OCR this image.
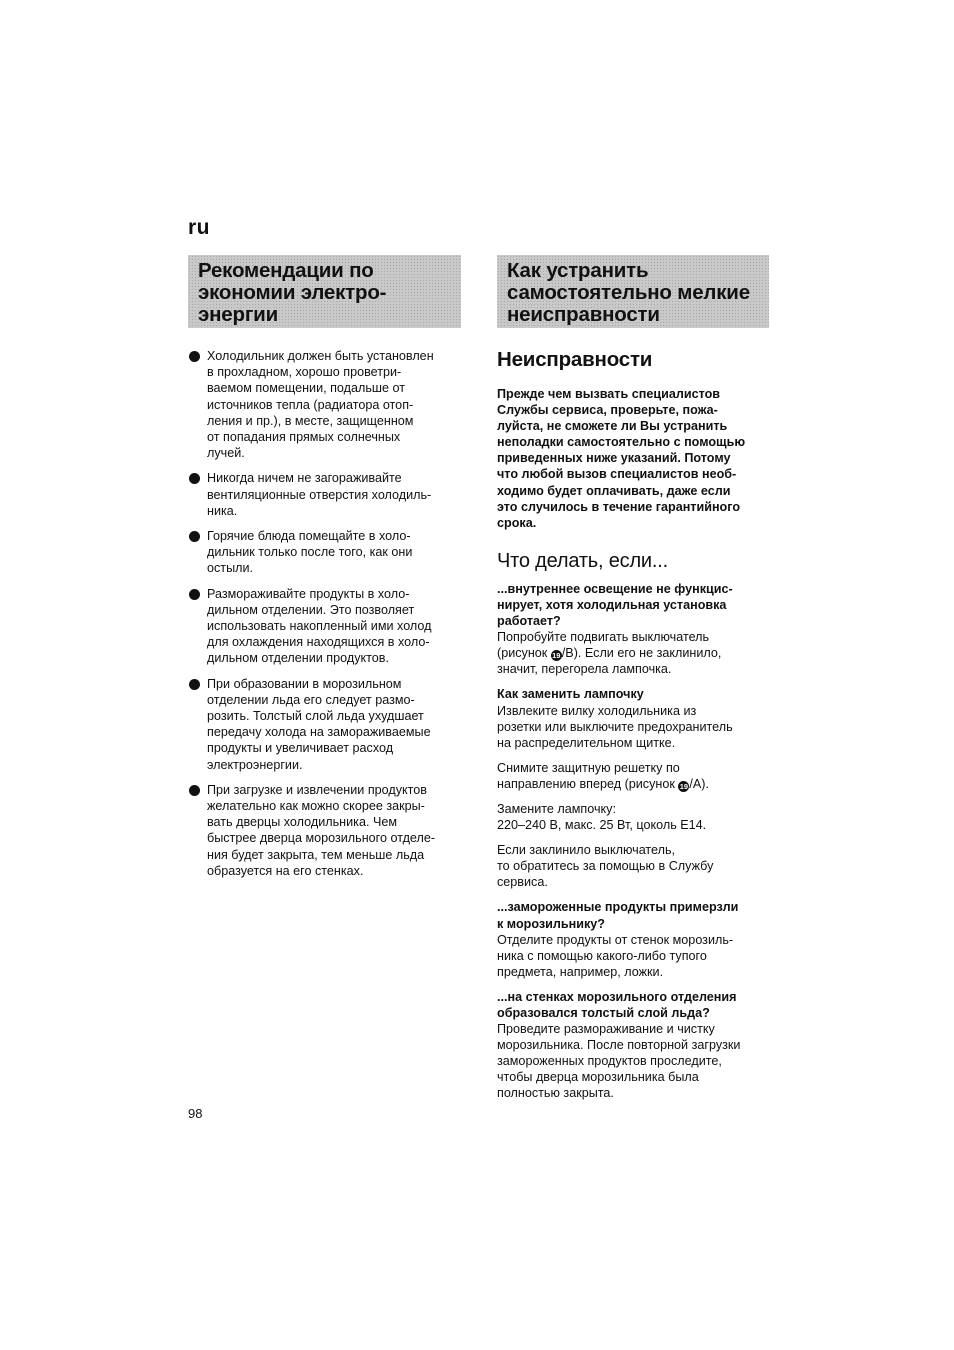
ru
Рекомендации по
экономии электро-
энергии
Как устранить
самостоятельно мелкие
неисправности
Холодильник должен быть установлен
в прохладном, хорошо проветри-
ваемом помещении, подальше от
источников тепла (радиатора отоп-
ления и пр.), в месте, защищенном
от попадания прямых солнечных
лучей.
Никогда ничем не загораживайте
вентиляционные отверстия холодиль-
ника.
Горячие блюда помещайте в холо-
дильник только после того, как они
остыли.
Размораживайте продукты в холо-
дильном отделении. Это позволяет
использовать накопленный ими холод
для охлаждения находящихся в холо-
дильном отделении продуктов.
При образовании в морозильном
отделении льда его следует размо-
розить. Толстый слой льда ухудшает
передачу холода на замораживаемые
продукты и увеличивает расход
электроэнергии.
При загрузке и извлечении продуктов
желательно как можно скорее закры-
вать дверцы холодильника. Чем
быстрее дверца морозильного отделе-
ния будет закрыта, тем меньше льда
образуется на его стенках.
Неисправности

Прежде чем вызвать специалистов
Службы сервиса, проверьте, пожа-
луйста, не сможете ли Вы устранить
неполадки самостоятельно с помощью
приведенных ниже указаний. Потому
что любой вызов специалистов необ-
ходимо будет оплачивать, даже если
это случилось в течение гарантийного
срока.

Что делать, если...

...внутреннее освещение не функцис-
нирует, хотя холодильная установка
работает?

Попробуйте подвигать выключатель
(рисунок 19/B). Если его не заклинило,
значит, перегорела лампочка.

Как заменить лампочку

Извлеките вилку холодильника из
розетки или выключите предохранитель
на распределительном щитке.

Снимите защитную решетку по
направлению вперед (рисунок 19/A).

Замените лампочку:
220–240 В, макс. 25 Вт, цоколь Е14.

Если заклинило выключатель,
то обратитесь за помощью в Службу
сервиса.

...замороженные продукты примерзли
к морозильнику?

Отделите продукты от стенок морозиль-
ника с помощью какого-либо тупого
предмета, например, ложки.

...на стенках морозильного отделения
образовался толстый слой льда?

Проведите размораживание и чистку
морозильника. После повторной загрузки
замороженных продуктов проследите,
чтобы дверца морозильника была
полностью закрыта.

98
